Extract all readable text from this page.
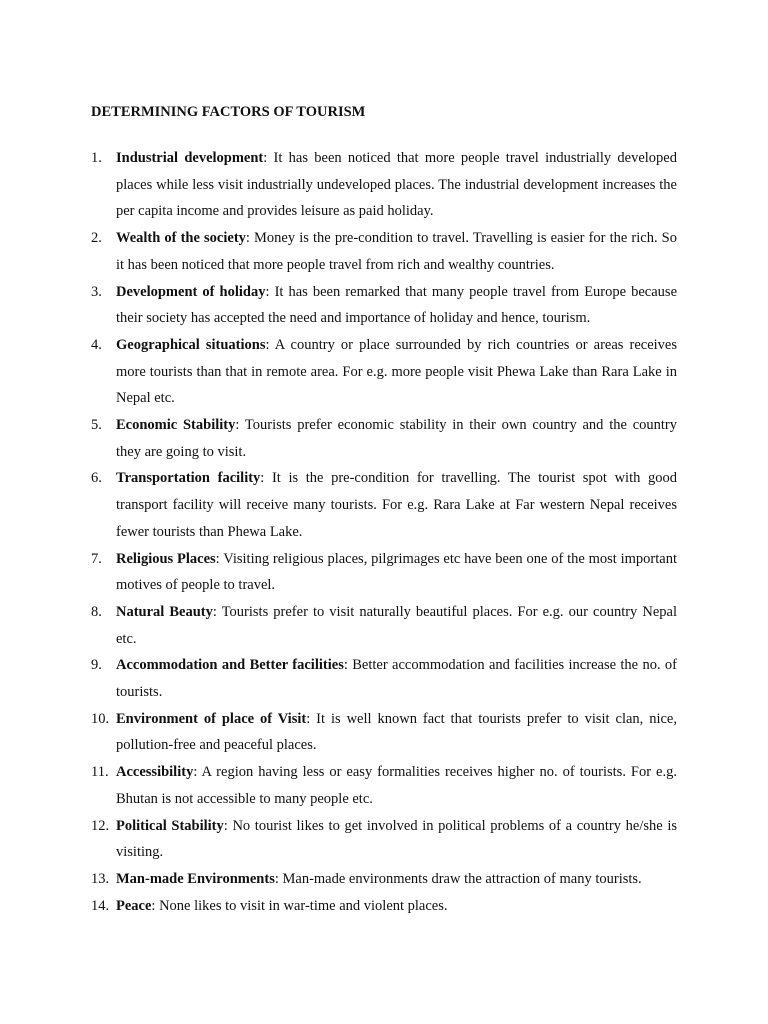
DETERMINING FACTORS OF TOURISM
1. Industrial development: It has been noticed that more people travel industrially developed places while less visit industrially undeveloped places. The industrial development increases the per capita income and provides leisure as paid holiday.
2. Wealth of the society: Money is the pre-condition to travel. Travelling is easier for the rich. So it has been noticed that more people travel from rich and wealthy countries.
3. Development of holiday: It has been remarked that many people travel from Europe because their society has accepted the need and importance of holiday and hence, tourism.
4. Geographical situations: A country or place surrounded by rich countries or areas receives more tourists than that in remote area. For e.g. more people visit Phewa Lake than Rara Lake in Nepal etc.
5. Economic Stability: Tourists prefer economic stability in their own country and the country they are going to visit.
6. Transportation facility: It is the pre-condition for travelling. The tourist spot with good transport facility will receive many tourists. For e.g. Rara Lake at Far western Nepal receives fewer tourists than Phewa Lake.
7. Religious Places: Visiting religious places, pilgrimages etc have been one of the most important motives of people to travel.
8. Natural Beauty: Tourists prefer to visit naturally beautiful places. For e.g. our country Nepal etc.
9. Accommodation and Better facilities: Better accommodation and facilities increase the no. of tourists.
10. Environment of place of Visit: It is well known fact that tourists prefer to visit clan, nice, pollution-free and peaceful places.
11. Accessibility: A region having less or easy formalities receives higher no. of tourists. For e.g. Bhutan is not accessible to many people etc.
12. Political Stability: No tourist likes to get involved in political problems of a country he/she is visiting.
13. Man-made Environments: Man-made environments draw the attraction of many tourists.
14. Peace: None likes to visit in war-time and violent places.
